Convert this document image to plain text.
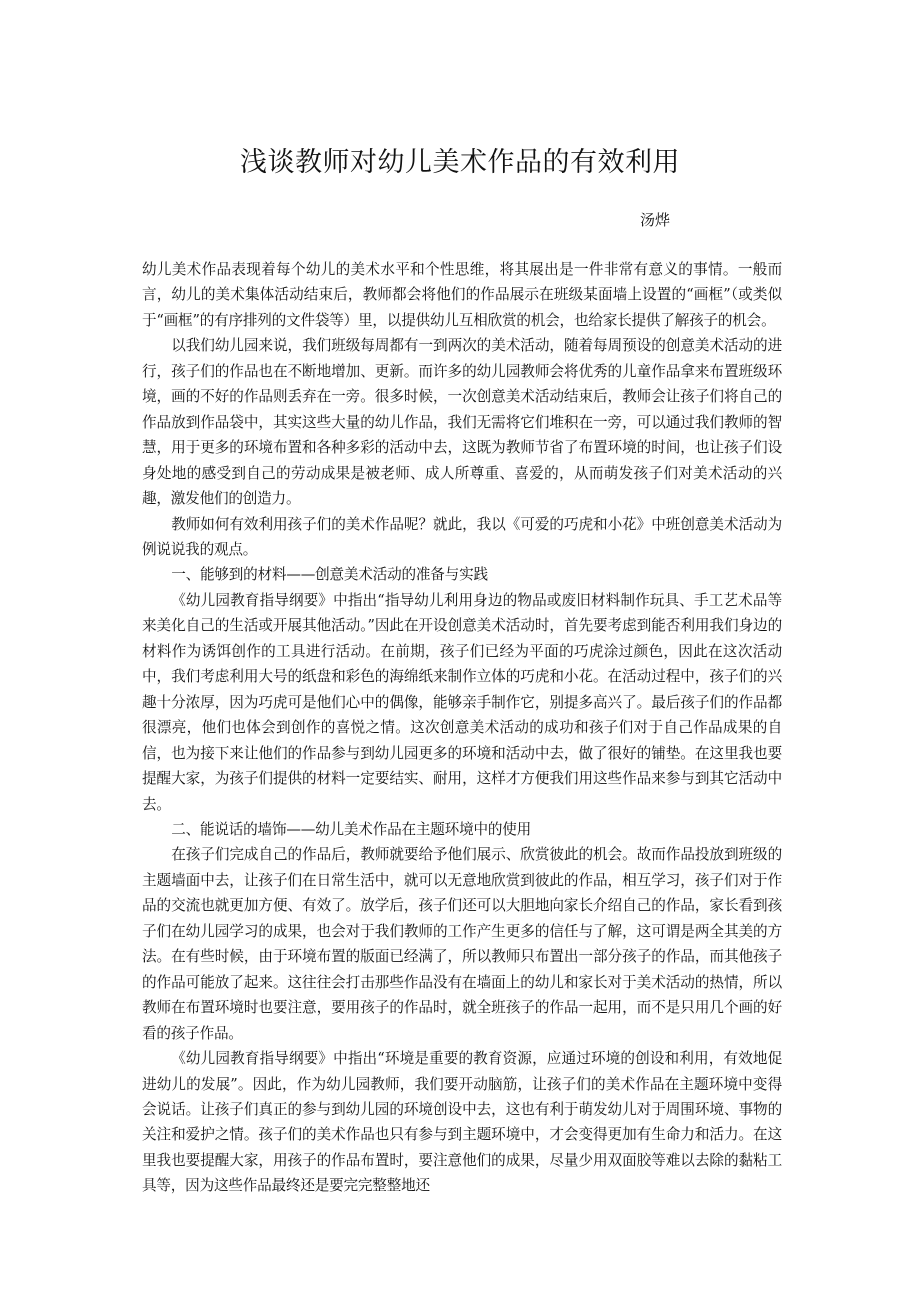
浅谈教师对幼儿美术作品的有效利用

汤烨

幼儿美术作品表现着每个幼儿的美术水平和个性思维，将其展出是一件非常有意义的事情。一般而言，幼儿的美术集体活动结束后，教师都会将他们的作品展示在班级某面墙上设置的“画框”（或类似于“画框”的有序排列的文件袋等）里，以提供幼儿互相欣赏的机会，也给家长提供了解孩子的机会。

以我们幼儿园来说，我们班级每周都有一到两次的美术活动，随着每周预设的创意美术活动的进行，孩子们的作品也在不断地增加、更新。而许多的幼儿园教师会将优秀的儿童作品拿来布置班级环境，画的不好的作品则丢弃在一旁。很多时候，一次创意美术活动结束后，教师会让孩子们将自己的作品放到作品袋中，其实这些大量的幼儿作品，我们无需将它们堆积在一旁，可以通过我们教师的智慧，用于更多的环境布置和各种多彩的活动中去，这既为教师节省了布置环境的时间，也让孩子们设身处地的感受到自己的劳动成果是被老师、成人所尊重、喜爱的，从而萌发孩子们对美术活动的兴趣，激发他们的创造力。

教师如何有效利用孩子们的美术作品呢？就此，我以《可爱的巧虎和小花》中班创意美术活动为例说说我的观点。

一、能够到的材料——创意美术活动的准备与实践

《幼儿园教育指导纲要》中指出“指导幼儿利用身边的物品或废旧材料制作玩具、手工艺术品等来美化自己的生活或开展其他活动。”因此在开设创意美术活动时，首先要考虑到能否利用我们身边的材料作为诱饵创作的工具进行活动。在前期，孩子们已经为平面的巧虎涂过颜色，因此在这次活动中，我们考虑利用大号的纸盘和彩色的海绵纸来制作立体的巧虎和小花。在活动过程中，孩子们的兴趣十分浓厚，因为巧虎可是他们心中的偶像，能够亲手制作它，别提多高兴了。最后孩子们的作品都很漂亮，他们也体会到创作的喜悦之情。这次创意美术活动的成功和孩子们对于自己作品成果的自信，也为接下来让他们的作品参与到幼儿园更多的环境和活动中去，做了很好的铺垫。在这里我也要提醒大家，为孩子们提供的材料一定要结实、耐用，这样才方便我们用这些作品来参与到其它活动中去。

二、能说话的墙饰——幼儿美术作品在主题环境中的使用

在孩子们完成自己的作品后，教师就要给予他们展示、欣赏彼此的机会。故而作品投放到班级的主题墙面中去，让孩子们在日常生活中，就可以无意地欣赏到彼此的作品，相互学习，孩子们对于作品的交流也就更加方便、有效了。放学后，孩子们还可以大胆地向家长介绍自己的作品，家长看到孩子们在幼儿园学习的成果，也会对于我们教师的工作产生更多的信任与了解，这可谓是两全其美的方法。在有些时候，由于环境布置的版面已经满了，所以教师只布置出一部分孩子的作品，而其他孩子的作品可能放了起来。这往往会打击那些作品没有在墙面上的幼儿和家长对于美术活动的热情，所以教师在布置环境时也要注意，要用孩子的作品时，就全班孩子的作品一起用，而不是只用几个画的好看的孩子作品。

《幼儿园教育指导纲要》中指出“环境是重要的教育资源，应通过环境的创设和利用，有效地促进幼儿的发展”。因此，作为幼儿园教师，我们要开动脑筋，让孩子们的美术作品在主题环境中变得会说话。让孩子们真正的参与到幼儿园的环境创设中去，这也有利于萌发幼儿对于周围环境、事物的关注和爱护之情。孩子们的美术作品也只有参与到主题环境中，才会变得更加有生命力和活力。在这里我也要提醒大家，用孩子的作品布置时，要注意他们的成果，尽量少用双面胶等难以去除的黏粘工具等，因为这些作品最终还是要完完整整地还
